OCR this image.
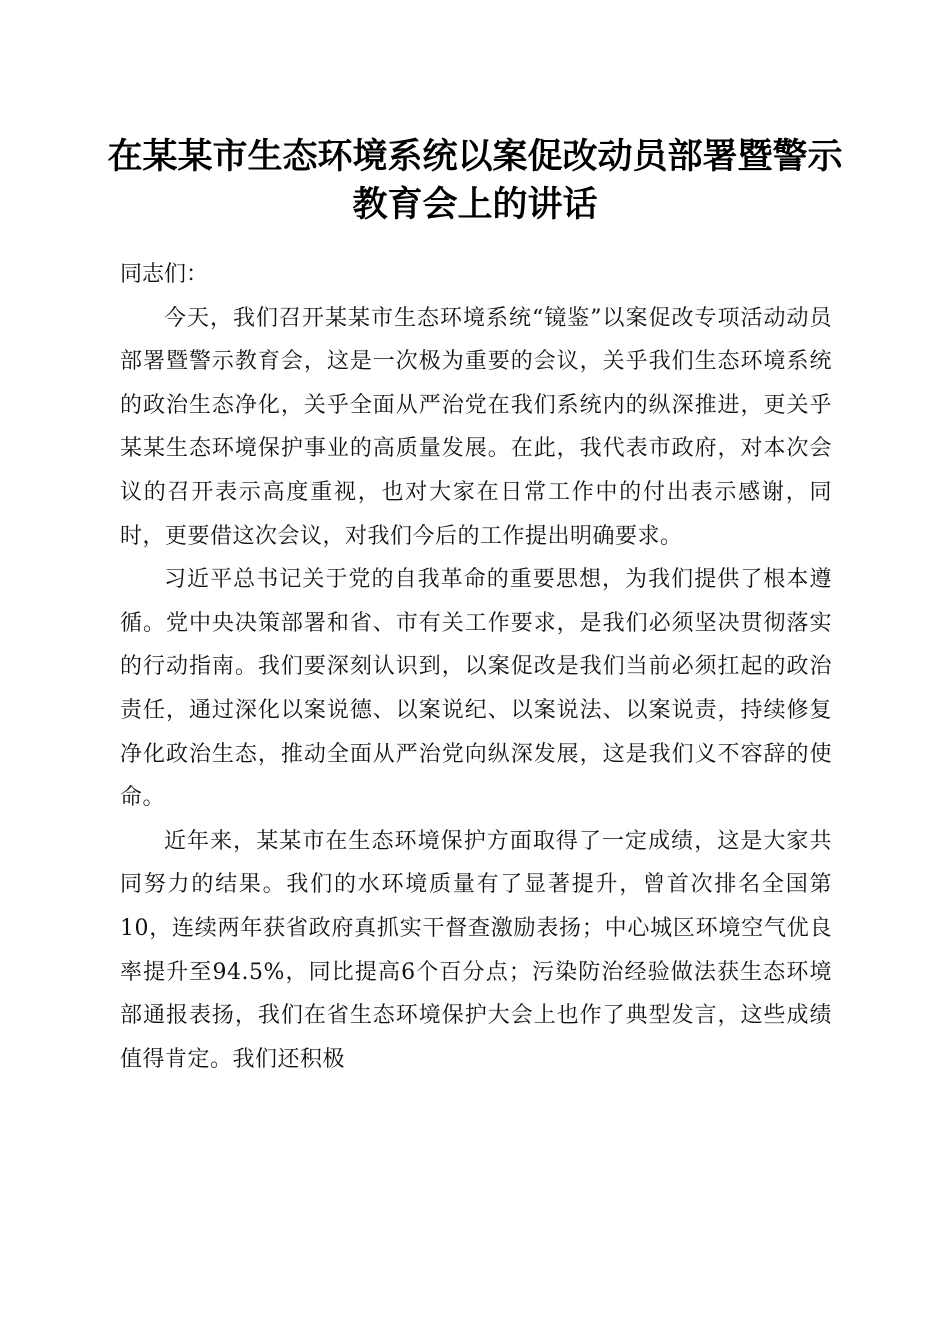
在某某市生态环境系统以案促改动员部署暨警示教育会上的讲话

同志们：

今天，我们召开某某市生态环境系统“镜鉴”以案促改专项活动动员部署暨警示教育会，这是一次极为重要的会议，关乎我们生态环境系统的政治生态净化，关乎全面从严治党在我们系统内的纵深推进，更关乎某某生态环境保护事业的高质量发展。在此，我代表市政府，对本次会议的召开表示高度重视，也对大家在日常工作中的付出表示感谢，同时，更要借这次会议，对我们今后的工作提出明确要求。

习近平总书记关于党的自我革命的重要思想，为我们提供了根本遵循。党中央决策部署和省、市有关工作要求，是我们必须坚决贯彻落实的行动指南。我们要深刻认识到，以案促改是我们当前必须扛起的政治责任，通过深化以案说德、以案说纪、以案说法、以案说责，持续修复净化政治生态，推动全面从严治党向纵深发展，这是我们义不容辞的使命。

近年来，某某市在生态环境保护方面取得了一定成绩，这是大家共同努力的结果。我们的水环境质量有了显著提升，曾首次排名全国第10，连续两年获省政府真抓实干督查激励表扬；中心城区环境空气优良率提升至94.5%，同比提高6个百分点；污染防治经验做法获生态环境部通报表扬，我们在省生态环境保护大会上也作了典型发言，这些成绩值得肯定。我们还积极
